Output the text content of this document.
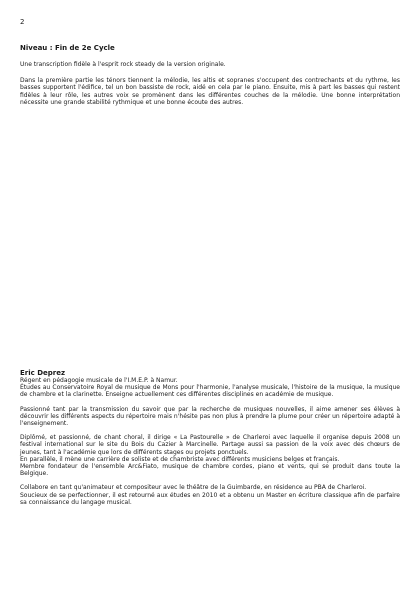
2
Niveau : Fin de 2e Cycle

Une transcription fidèle à l'esprit rock steady de la version originale.

Dans la première partie les ténors tiennent la mélodie, les altis et sopranes s'occupent des contrechants et du rythme, les basses supportent l'édifice, tel un bon bassiste de rock, aidé en cela par le piano. Ensuite, mis à part les basses qui restent fidèles à leur rôle, les autres voix se promènent dans les différentes couches de la mélodie. Une bonne interprétation nécessite une grande stabilité rythmique et une bonne écoute des autres.

Eric Deprez

Régent en pédagogie musicale de l'I.M.E.P. à Namur.

Études au Conservatoire Royal de musique de Mons pour l'harmonie, l'analyse musicale, l'histoire de la musique, la musique de chambre et la clarinette. Enseigne actuellement ces différentes disciplines en académie de musique.

Passionné tant par la transmission du savoir que par la recherche de musiques nouvelles, il aime amener ses élèves à découvrir les différents aspects du répertoire mais n'hésite pas non plus à prendre la plume pour créer un répertoire adapté à l'enseignement.

Diplômé, et passionné, de chant choral, il dirige « La Pastourelle » de Charleroi avec laquelle il organise depuis 2008 un festival international sur le site du Bois du Cazier à Marcinelle. Partage aussi sa passion de la voix avec des chœurs de jeunes, tant à l'académie que lors de différents stages ou projets ponctuels.

En parallèle, il mène une carrière de soliste et de chambriste avec différents musiciens belges et français.

Membre fondateur de l'ensemble Arc&Fiato, musique de chambre cordes, piano et vents, qui se produit dans toute la Belgique.

Collabore en tant qu'animateur et compositeur avec le théâtre de la Guimbarde, en résidence au PBA de Charleroi.

Soucieux de se perfectionner, il est retourné aux études en 2010 et a obtenu un Master en écriture classique afin de parfaire sa connaissance du langage musical.
